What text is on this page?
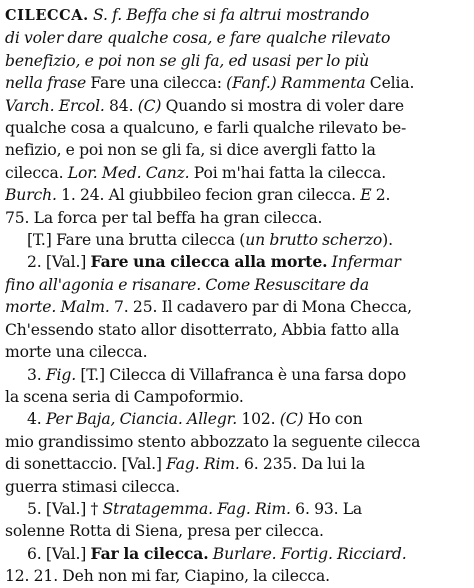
CILECCA. S. f. Beffa che si fa altrui mostrando
di voler dare qualche cosa, e fare qualche rilevato
benefizio, e poi non se gli fa, ed usasi per lo più
nella frase Fare una cilecca: (Fanf.) Rammenta Celia.
Varch. Ercol. 84. (C) Quando si mostra di voler dare
qualche cosa a qualcuno, e farli qualche rilevato be-
nefizio, e poi non se gli fa, si dice avergli fatto la
cilecca. Lor. Med. Canz. Poi m'hai fatta la cilecca.
Burch. 1. 24. Al giubbileo fecion gran cilecca. E 2.
75. La forca per tal beffa ha gran cilecca.
[T.] Fare una brutta cilecca (un brutto scherzo).
2. [Val.] Fare una cilecca alla morte. Infermar
fino all'agonia e risanare. Come Resuscitare da
morte. Malm. 7. 25. Il cadavero par di Mona Checca,
Ch'essendo stato allor disotterrato, Abbia fatto alla
morte una cilecca.
3. Fig. [T.] Cilecca di Villafranca è una farsa dopo
la scena seria di Campoformio.
4. Per Baja, Ciancia. Allegr. 102. (C) Ho con
mio grandissimo stento abbozzato la seguente cilecca
di sonettaccio. [Val.] Fag. Rim. 6. 235. Da lui la
guerra stimasi cilecca.
5. [Val.] † Stratagemma. Fag. Rim. 6. 93. La
solenne Rotta di Siena, presa per cilecca.
6. [Val.] Far la cilecca. Burlare. Fortig. Ricciard.
12. 21. Deh non mi far, Ciapino, la cilecca.
